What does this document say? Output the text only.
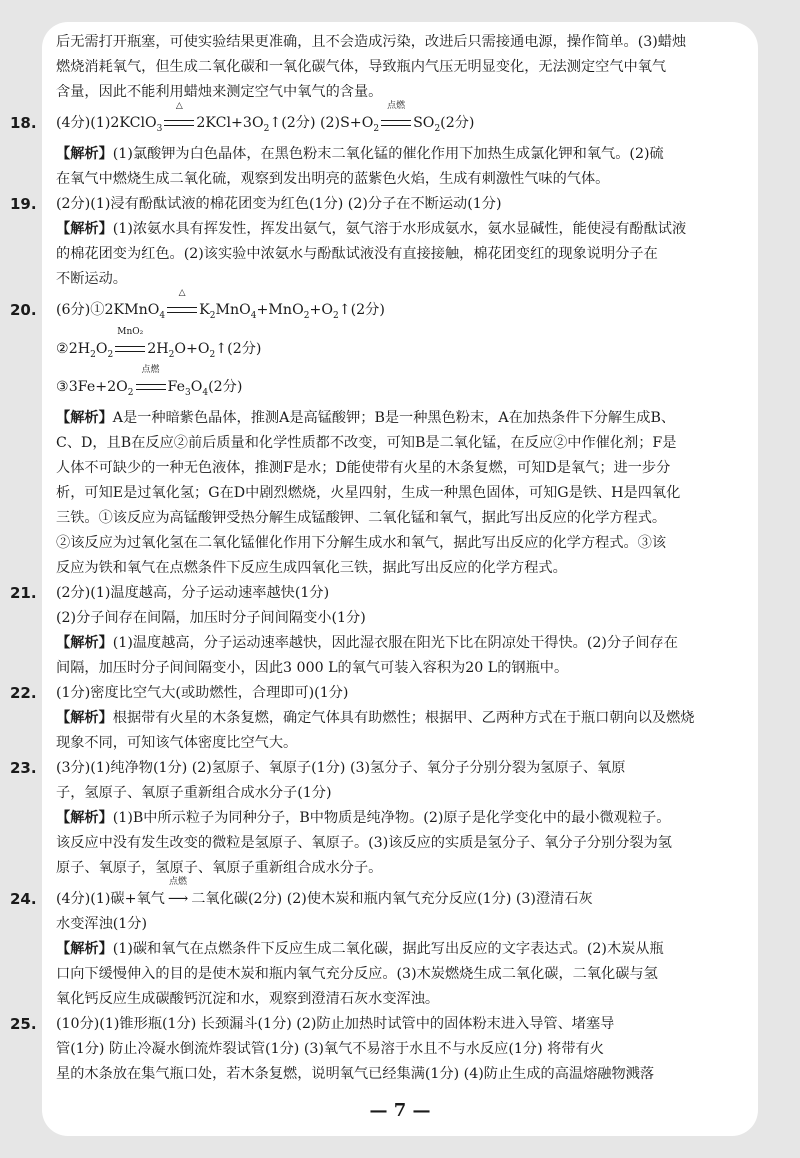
后无需打开瓶塞，可使实验结果更准确，且不会造成污染，改进后只需接通电源，操作简单。(3)蜡烛

燃烧消耗氧气，但生成二氧化碳和一氧化碳气体，导致瓶内气压无明显变化，无法测定空气中氧气

含量，因此不能利用蜡烛来测定空气中氧气的含量。

18. (4分)(1)2KClO$_3$
△
$2KCl+3O_2↑(2$分) $(2)S+O_2$
点燃
$SO_2(2$分)

【解析】(1)氯酸钾为白色晶体，在黑色粉末二氧化锰的催化作用下加热生成氯化钾和氧气。(2)硫

在氧气中燃烧生成二氧化硫，观察到发出明亮的蓝紫色火焰，生成有刺激性气味的气体。

19. (2分)(1)浸有酚酞试液的棉花团变为红色(1分) (2)分子在不断运动(1分)

【解析】(1)浓氨水具有挥发性，挥发出氨气，氨气溶于水形成氨水，氨水显碱性，能使浸有酚酞试液

的棉花团变为红色。(2)该实验中浓氨水与酚酞试液没有直接接触，棉花团变红的现象说明分子在

不断运动。

20. (6分)①2KMnO$_4$
△
$K_2MnO_4+MnO_2+O_2↑(2$分)

$②2H_2O_2$
MnO₂
$2H_2O+O_2↑(2$分)

$③3Fe+2O_2$
点燃
$Fe_3O_4(2$分)

【解析】A是一种暗紫色晶体，推测A是高锰酸钾；B是一种黑色粉末，A在加热条件下分解生成B、

C、D，且B在反应②前后质量和化学性质都不改变，可知B是二氧化锰，在反应②中作催化剂；F是

人体不可缺少的一种无色液体，推测F是水；D能使带有火星的木条复燃，可知D是氧气；进一步分

析，可知E是过氧化氢；G在D中剧烈燃烧，火星四射，生成一种黑色固体，可知G是铁、H是四氧化

三铁。①该反应为高锰酸钾受热分解生成锰酸钾、二氧化锰和氧气，据此写出反应的化学方程式。

②该反应为过氧化氢在二氧化锰催化作用下分解生成水和氧气，据此写出反应的化学方程式。③该

反应为铁和氧气在点燃条件下反应生成四氧化三铁，据此写出反应的化学方程式。

21. (2分)(1)温度越高，分子运动速率越快(1分)

(2)分子间存在间隔，加压时分子间间隔变小(1分)

【解析】(1)温度越高，分子运动速率越快，因此湿衣服在阳光下比在阴凉处干得快。(2)分子间存在

间隔，加压时分子间间隔变小，因此3 000 L的氧气可装入容积为20 L的钢瓶中。

22. (1分)密度比空气大(或助燃性，合理即可)(1分)

【解析】根据带有火星的木条复燃，确定气体具有助燃性；根据甲、乙两种方式在于瓶口朝向以及燃烧

现象不同，可知该气体密度比空气大。

23. (3分)(1)纯净物(1分) (2)氢原子、氧原子(1分) (3)氢分子、氧分子分别分裂为氢原子、氧原

子，氢原子、氧原子重新组合成水分子(1分)

【解析】(1)B中所示粒子为同种分子，B中物质是纯净物。(2)原子是化学变化中的最小微观粒子。

该反应中没有发生改变的微粒是氢原子、氧原子。(3)该反应的实质是氢分子、氧分子分别分裂为氢

原子、氧原子，氢原子、氧原子重新组合成水分子。

24. (4分)(1)碳+氧气
点燃
⟶ 二氧化碳(2分) (2)使木炭和瓶内氧气充分反应(1分) (3)澄清石灰

水变浑浊(1分)

【解析】(1)碳和氧气在点燃条件下反应生成二氧化碳，据此写出反应的文字表达式。(2)木炭从瓶

口向下缓慢伸入的目的是使木炭和瓶内氧气充分反应。(3)木炭燃烧生成二氧化碳，二氧化碳与氢

氧化钙反应生成碳酸钙沉淀和水，观察到澄清石灰水变浑浊。

25. (10分)(1)锥形瓶(1分) 长颈漏斗(1分) (2)防止加热时试管中的固体粉末进入导管、堵塞导

管(1分) 防止冷凝水倒流炸裂试管(1分) (3)氧气不易溶于水且不与水反应(1分) 将带有火

星的木条放在集气瓶口处，若木条复燃，说明氧气已经集满(1分) (4)防止生成的高温熔融物溅落

— 7 —
